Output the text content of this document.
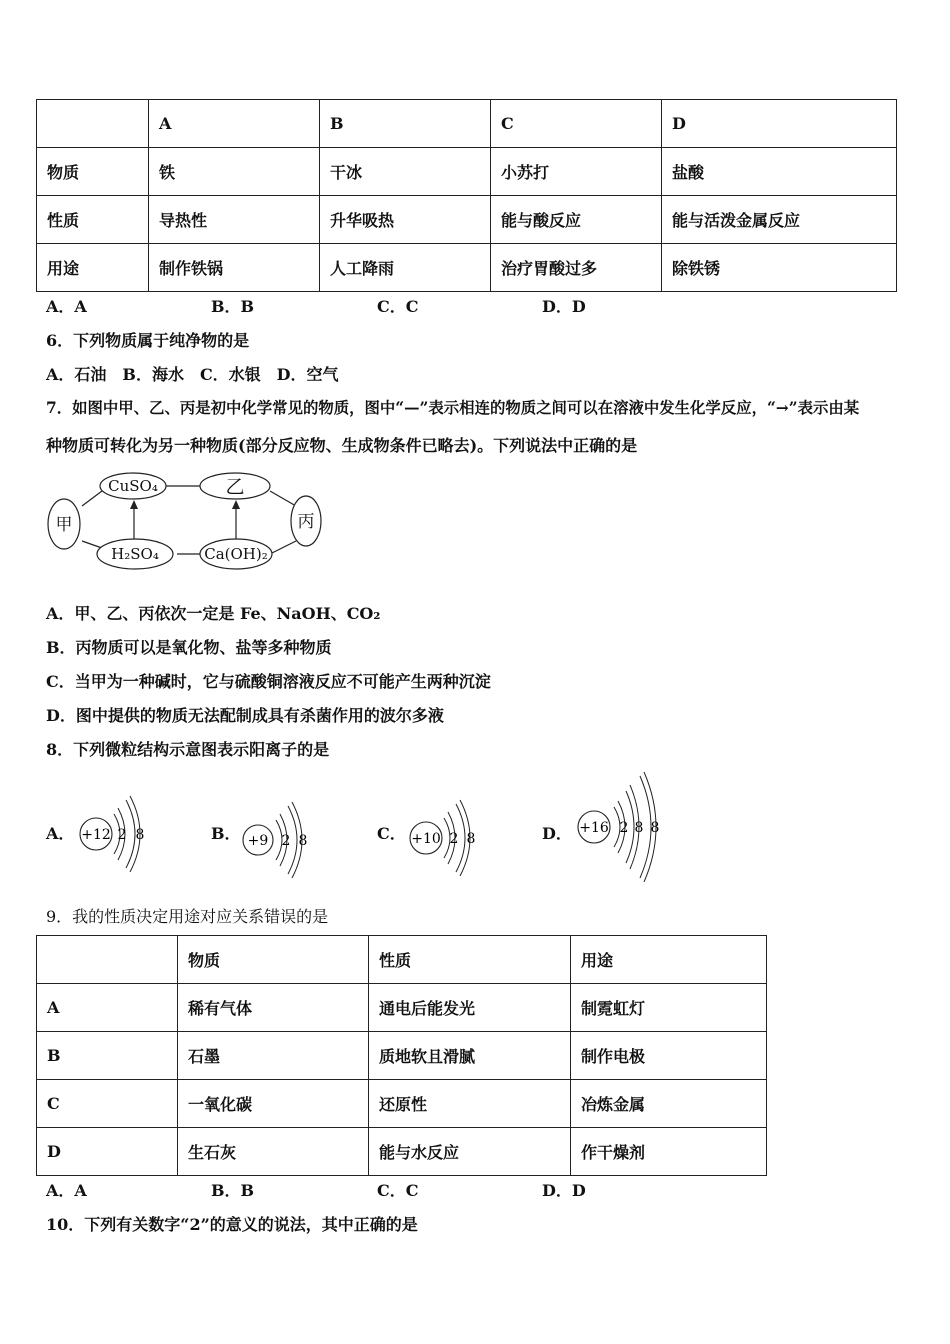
	A	B	C	D
物质	铁	干冰	小苏打	盐酸
性质	导热性	升华吸热	能与酸反应	能与活泼金属反应
用途	制作铁锅	人工降雨	治疗胃酸过多	除铁锈
A．A	B．B	C．C	D．D
6．下列物质属于纯净物的是
A．石油　B．海水　C．水银　D．空气
7．如图中甲、乙、丙是初中化学常见的物质，图中“—”表示相连的物质之间可以在溶液中发生化学反应，“→”表示由某
种物质可转化为另一种物质(部分反应物、生成物条件已略去)。下列说法中正确的是
CuSO₄	乙
甲	丙
H₂SO₄	Ca(OH)₂
A．甲、乙、丙依次一定是 Fe、NaOH、CO₂
B．丙物质可以是氧化物、盐等多种物质
C．当甲为一种碱时，它与硫酸铜溶液反应不可能产生两种沉淀
D．图中提供的物质无法配制成具有杀菌作用的波尔多液
8．下列微粒结构示意图表示阳离子的是
A． +12 2 8	B． +9 2 8	C． +10 2 8	D． +16 2 8 8
9．我的性质决定用途对应关系错误的是
	物质	性质	用途
A	稀有气体	通电后能发光	制霓虹灯
B	石墨	质地软且滑腻	制作电极
C	一氧化碳	还原性	冶炼金属
D	生石灰	能与水反应	作干燥剂
A．A	B．B	C．C	D．D
10．下列有关数字“2”的意义的说法，其中正确的是
